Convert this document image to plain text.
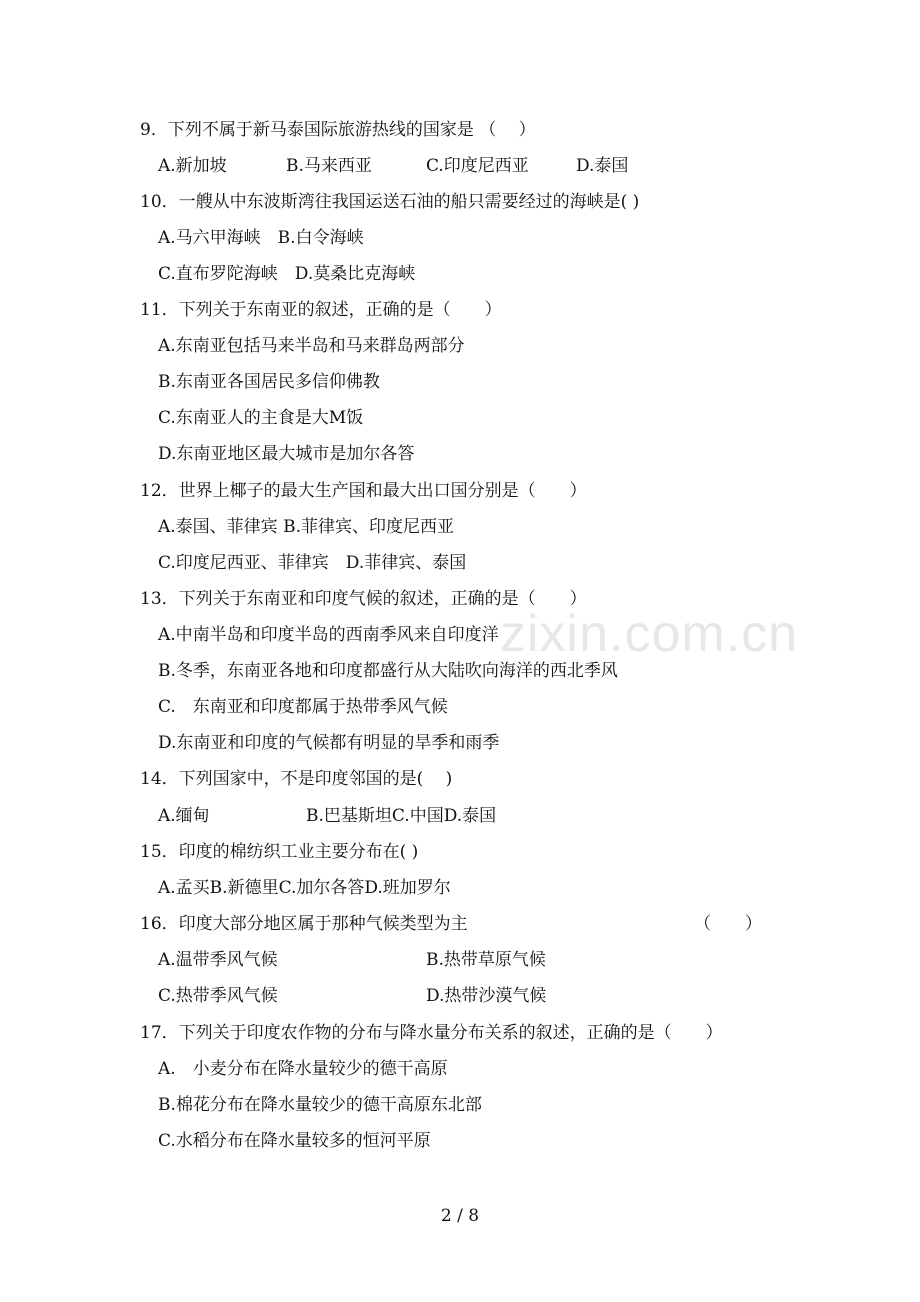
9．下列不属于新马泰国际旅游热线的国家是 （　 ）
A.新加坡	B.马来西亚	C.印度尼西亚	D.泰国
10．一艘从中东波斯湾往我国运送石油的船只需要经过的海峡是( )
A.马六甲海峡　B.白令海峡
C.直布罗陀海峡　D.莫桑比克海峡
11．下列关于东南亚的叙述，正确的是（　　）
A.东南亚包括马来半岛和马来群岛两部分
B.东南亚各国居民多信仰佛教
C.东南亚人的主食是大M饭
D.东南亚地区最大城市是加尔各答
12．世界上椰子的最大生产国和最大出口国分别是（　　）
A.泰国、菲律宾 B.菲律宾、印度尼西亚
C.印度尼西亚、菲律宾　D.菲律宾、泰国
13．下列关于东南亚和印度气候的叙述，正确的是（　　）
A.中南半岛和印度半岛的西南季风来自印度洋
B.冬季，东南亚各地和印度都盛行从大陆吹向海洋的西北季风
C.　东南亚和印度都属于热带季风气候
D.东南亚和印度的气候都有明显的旱季和雨季
14．下列国家中，不是印度邻国的是(　 )
A.缅甸	B.巴基斯坦C.中国D.泰国
15．印度的棉纺织工业主要分布在( )
A.孟买B.新德里C.加尔各答D.班加罗尔
16．印度大部分地区属于那种气候类型为主	（　　）
A.温带季风气候	B.热带草原气候
C.热带季风气候	D.热带沙漠气候
17．下列关于印度农作物的分布与降水量分布关系的叙述，正确的是（　　）
A.　小麦分布在降水量较少的德干高原
B.棉花分布在降水量较少的德干高原东北部
C.水稻分布在降水量较多的恒河平原
zixin.com.cn
2 / 8
